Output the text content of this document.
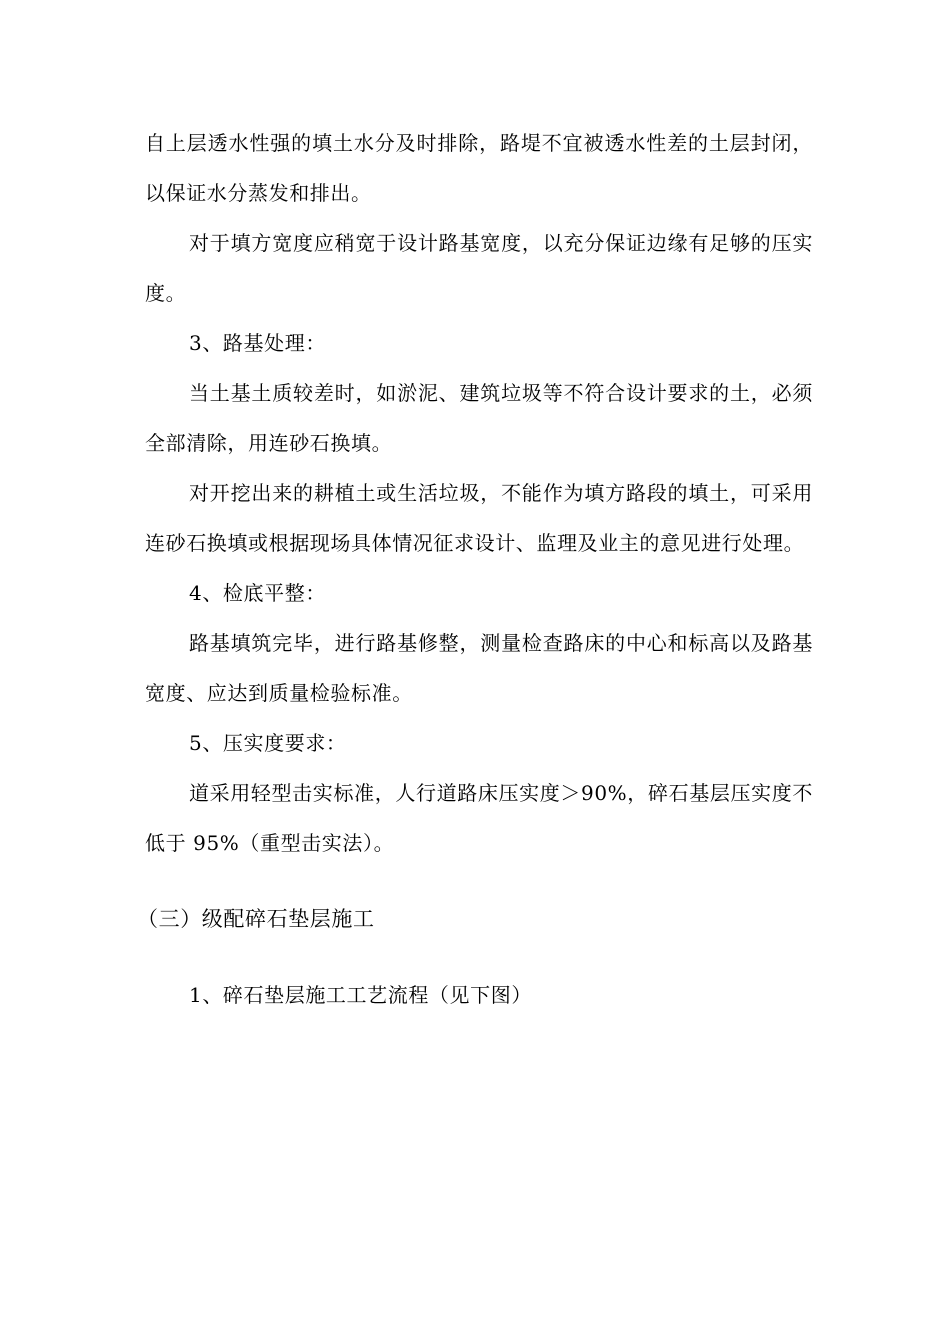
自上层透水性强的填土水分及时排除，路堤不宜被透水性差的土层封闭，以保证水分蒸发和排出。

对于填方宽度应稍宽于设计路基宽度，以充分保证边缘有足够的压实度。

3、路基处理：

当土基土质较差时，如淤泥、建筑垃圾等不符合设计要求的土，必须全部清除，用连砂石换填。

对开挖出来的耕植土或生活垃圾，不能作为填方路段的填土，可采用连砂石换填或根据现场具体情况征求设计、监理及业主的意见进行处理。

4、检底平整：

路基填筑完毕，进行路基修整，测量检查路床的中心和标高以及路基宽度、应达到质量检验标准。

5、压实度要求：

道采用轻型击实标准，人行道路床压实度＞90%，碎石基层压实度不低于 95%（重型击实法）。

（三）级配碎石垫层施工

1、碎石垫层施工工艺流程（见下图）
